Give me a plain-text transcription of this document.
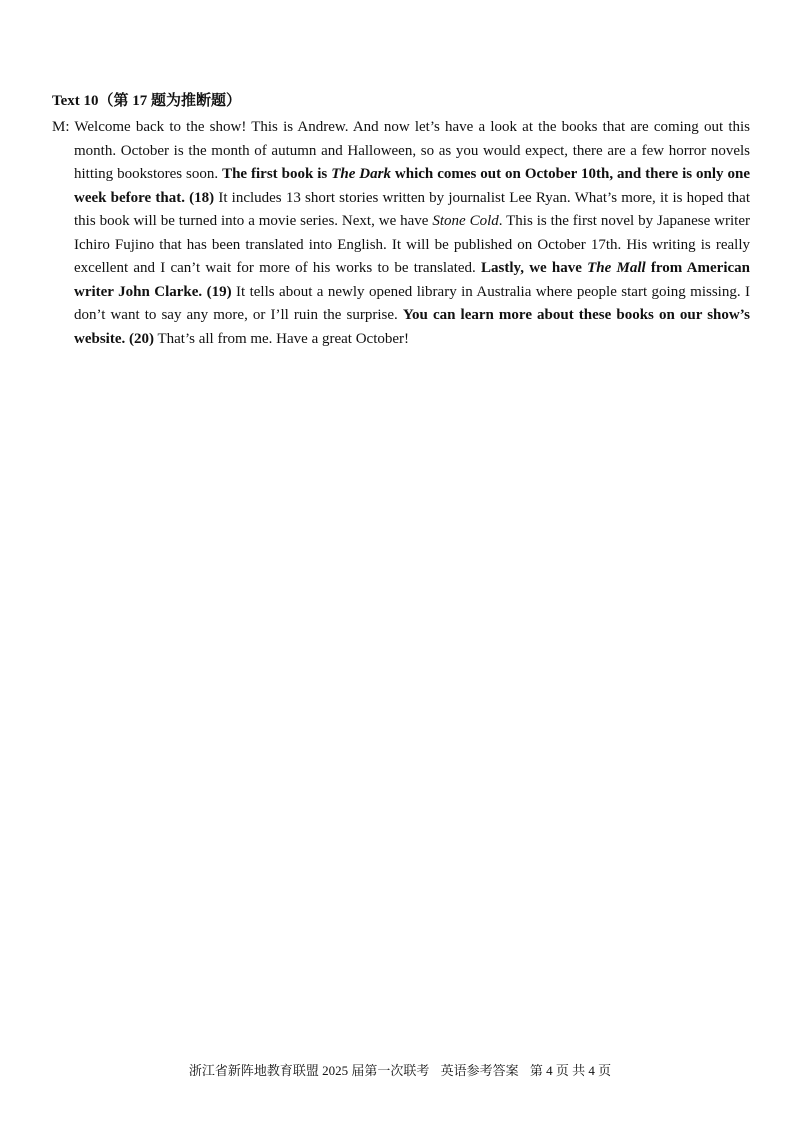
Text 10（第 17 题为推断题）
M: Welcome back to the show! This is Andrew. And now let’s have a look at the books that are coming out this month. October is the month of autumn and Halloween, so as you would expect, there are a few horror novels hitting bookstores soon. The first book is The Dark which comes out on October 10th, and there is only one week before that. (18) It includes 13 short stories written by journalist Lee Ryan. What’s more, it is hoped that this book will be turned into a movie series. Next, we have Stone Cold. This is the first novel by Japanese writer Ichiro Fujino that has been translated into English. It will be published on October 17th. His writing is really excellent and I can’t wait for more of his works to be translated. Lastly, we have The Mall from American writer John Clarke. (19) It tells about a newly opened library in Australia where people start going missing. I don’t want to say any more, or I’ll ruin the surprise. You can learn more about these books on our show’s website. (20) That’s all from me. Have a great October!
浙江省新阵地教育联盟 2025 届第一次联考 英语参考答案 第 4 页 共 4 页
